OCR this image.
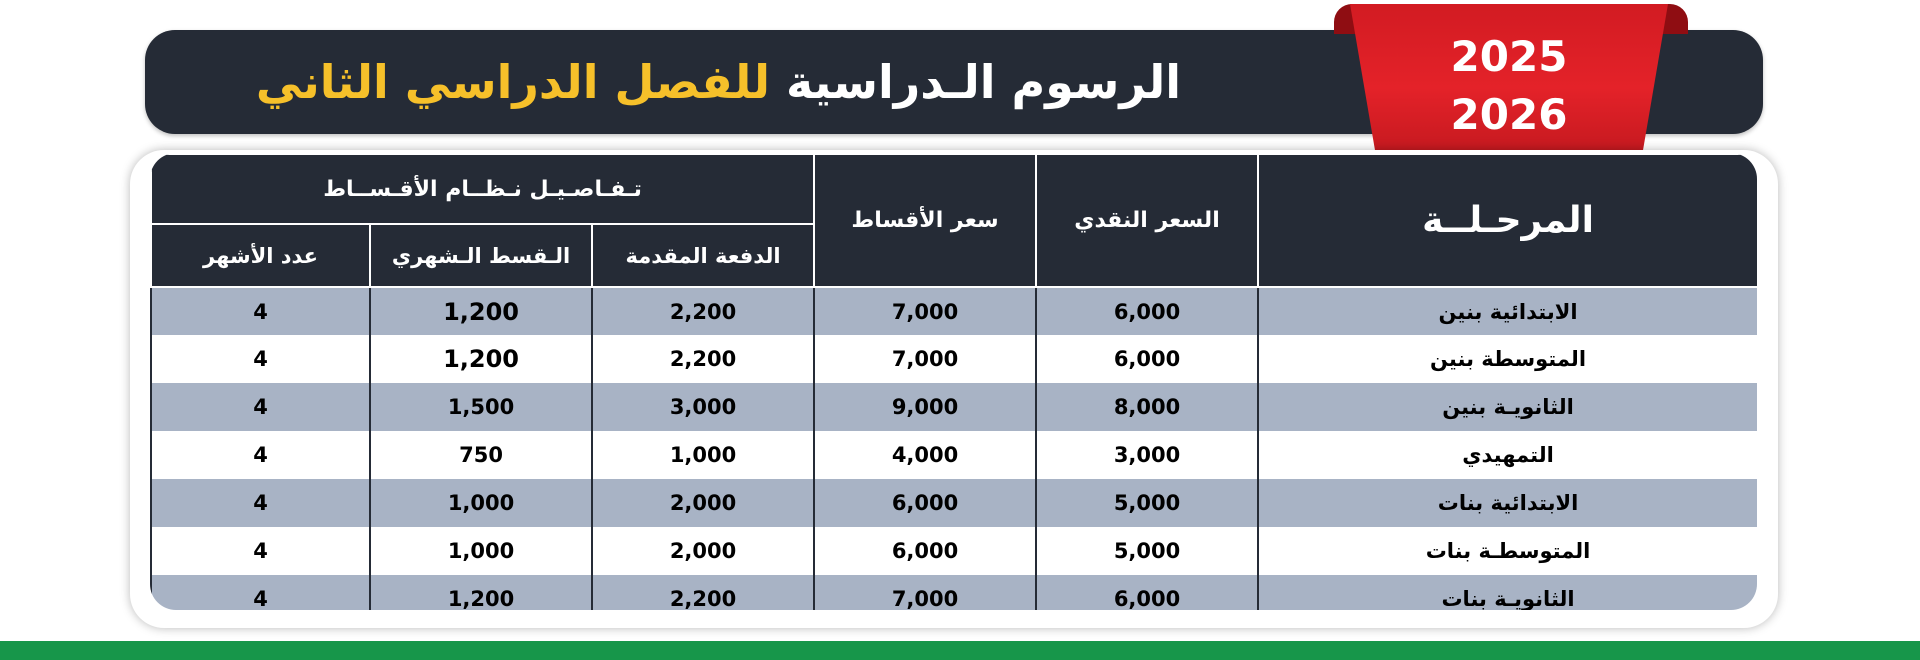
الرسوم الـدراسية للفصل الدراسي الثاني	2025
2026
المرحـلــة	السعر النقدي	سعر الأقساط	تـفـاصـيـل نـظــام الأقـســاط		
			الدفعة المقدمة	الـقسط الـشهري	عدد الأشهر
الابتدائية بنين	6,000	7,000	2,200	1,200	4
المتوسطة بنين	6,000	7,000	2,200	1,200	4
الثانويـة بنين	8,000	9,000	3,000	1,500	4
التمهيدي	3,000	4,000	1,000	750	4
الابتدائية بنات	5,000	6,000	2,000	1,000	4
المتوسطـة بنات	5,000	6,000	2,000	1,000	4
الثانويـة بنات	6,000	7,000	2,200	1,200	4
